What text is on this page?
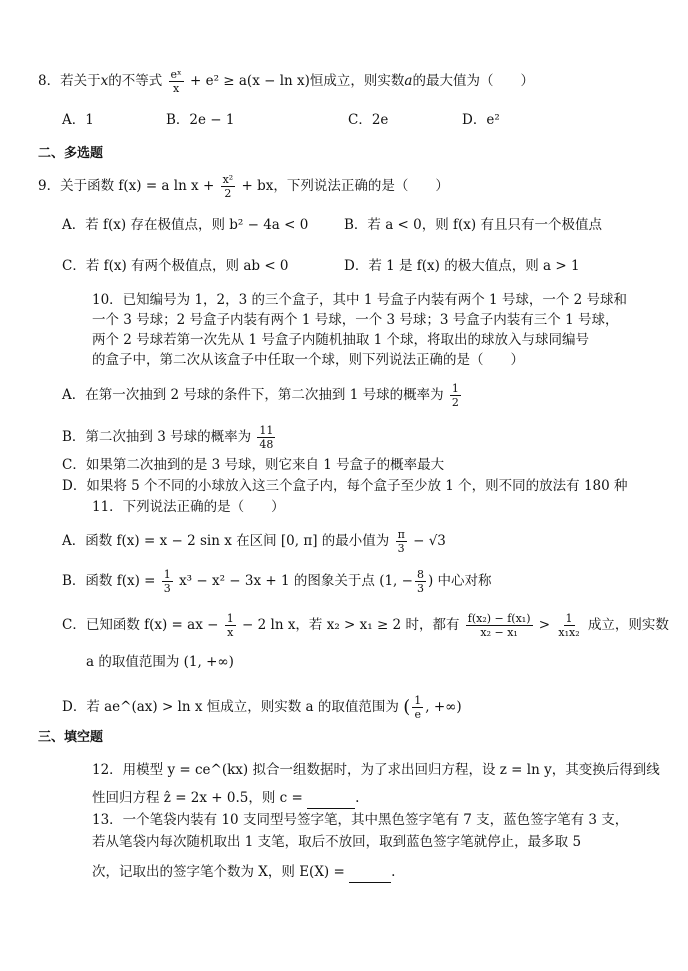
8．若关于x的不等式 $\frac{\text{eˣ}}{x} + e^2 \ge a(x - \ln x)$恒成立，则实数a的最大值为（　　）
A．1	B．2e − 1	C．2e	D．e²
二、多选题
9．关于函数 f(x) = a $\ln x + \frac{\text{x²}}{2}$ + bx，下列说法正确的是（　　）
A．若 f(x) 存在极值点，则 b² − 4a < 0	B．若 a < 0，则 f(x) 有且只有一个极值点
C．若 f(x) 有两个极值点，则 ab < 0	D．若 1 是 f(x) 的极大值点，则 a > 1
10．已知编号为 1，2，3 的三个盒子，其中 1 号盒子内装有两个 1 号球，一个 2 号球和
一个 3 号球；2 号盒子内装有两个 1 号球，一个 3 号球；3 号盒子内装有三个 1 号球，
两个 2 号球若第一次先从 1 号盒子内随机抽取 1 个球，将取出的球放入与球同编号
的盒子中，第二次从该盒子中任取一个球，则下列说法正确的是（　　）
A．在第一次抽到 2 号球的条件下，第二次抽到 1 号球的概率为 $\frac{1}{2}$
B．第二次抽到 3 号球的概率为 $\frac{11}{48}$
C．如果第二次抽到的是 3 号球，则它来自 1 号盒子的概率最大
D．如果将 5 个不同的小球放入这三个盒子内，每个盒子至少放 1 个，则不同的放法有 180 种
11．下列说法正确的是（　　）
A．函数 f(x) = x − 2 sin x 在区间 [0, π] 的最小值为 $\frac{\pi}{3} - √3$
B．函数 $f(x) = \frac{1}{3} x^3 - x^2 - 3x + 1$ 的图象关于点 (1, − $\frac{8}{3}$ ) 中心对称
C．已知函数 f(x) = ax − $\frac{1}{x} - 2$ ln x，若 x₂ > x₁ ≥ 2 时，都有 $\frac{\text{f(x₂) − f(x₁)}}{\text{x₂ − x₁}} > \frac{1}{\text{x₁x₂}}$ 成立，则实数
a 的取值范围为 (1, +∞)
D．若 ae^(ax) > ln x 恒成立，则实数 a 的取值范围为 ( $\frac{1}{e}$ , +∞)
三、填空题
12．用模型 y = ce^(kx) 拟合一组数据时，为了求出回归方程，设 z = ln y，其变换后得到线
性回归方程 ẑ = 2x + 0.5，则 c =	.
13．一个笔袋内装有 10 支同型号签字笔，其中黑色签字笔有 7 支，蓝色签字笔有 3 支，
若从笔袋内每次随机取出 1 支笔，取后不放回，取到蓝色签字笔就停止，最多取 5
次，记取出的签字笔个数为 X，则 E(X) =	.
